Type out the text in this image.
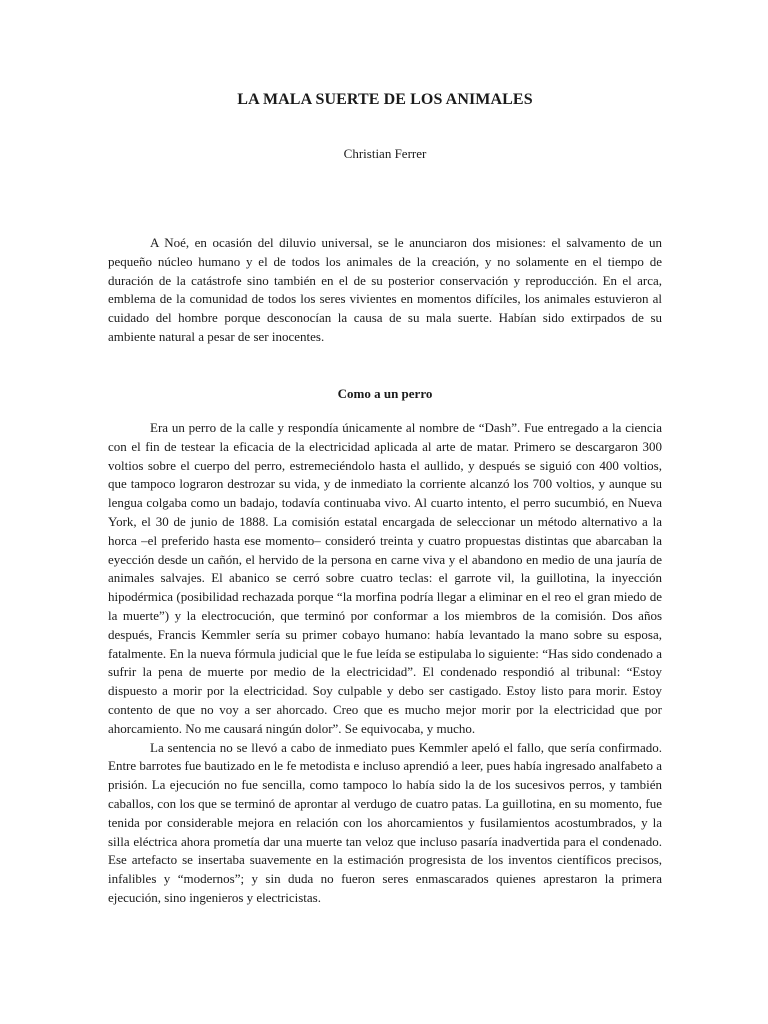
LA MALA SUERTE DE LOS ANIMALES
Christian Ferrer

A Noé, en ocasión del diluvio universal, se le anunciaron dos misiones: el salvamento de un pequeño núcleo humano y el de todos los animales de la creación, y no solamente en el tiempo de duración de la catástrofe sino también en el de su posterior conservación y reproducción. En el arca, emblema de la comunidad de todos los seres vivientes en momentos difíciles, los animales estuvieron al cuidado del hombre porque desconocían la causa de su mala suerte. Habían sido extirpados de su ambiente natural a pesar de ser inocentes.

Como a un perro

Era un perro de la calle y respondía únicamente al nombre de “Dash”. Fue entregado a la ciencia con el fin de testear la eficacia de la electricidad aplicada al arte de matar. Primero se descargaron 300 voltios sobre el cuerpo del perro, estremeciéndolo hasta el aullido, y después se siguió con 400 voltios, que tampoco lograron destrozar su vida, y de inmediato la corriente alcanzó los 700 voltios, y aunque su lengua colgaba como un badajo, todavía continuaba vivo. Al cuarto intento, el perro sucumbió, en Nueva York, el 30 de junio de 1888. La comisión estatal encargada de seleccionar un método alternativo a la horca –el preferido hasta ese momento– consideró treinta y cuatro propuestas distintas que abarcaban la eyección desde un cañón, el hervido de la persona en carne viva y el abandono en medio de una jauría de animales salvajes. El abanico se cerró sobre cuatro teclas: el garrote vil, la guillotina, la inyección hipodérmica (posibilidad rechazada porque “la morfina podría llegar a eliminar en el reo el gran miedo de la muerte”) y la electrocución, que terminó por conformar a los miembros de la comisión. Dos años después, Francis Kemmler sería su primer cobayo humano: había levantado la mano sobre su esposa, fatalmente. En la nueva fórmula judicial que le fue leída se estipulaba lo siguiente: “Has sido condenado a sufrir la pena de muerte por medio de la electricidad”. El condenado respondió al tribunal: “Estoy dispuesto a morir por la electricidad. Soy culpable y debo ser castigado. Estoy listo para morir. Estoy contento de que no voy a ser ahorcado. Creo que es mucho mejor morir por la electricidad que por ahorcamiento. No me causará ningún dolor”. Se equivocaba, y mucho.

La sentencia no se llevó a cabo de inmediato pues Kemmler apeló el fallo, que sería confirmado. Entre barrotes fue bautizado en le fe metodista e incluso aprendió a leer, pues había ingresado analfabeto a prisión. La ejecución no fue sencilla, como tampoco lo había sido la de los sucesivos perros, y también caballos, con los que se terminó de aprontar al verdugo de cuatro patas. La guillotina, en su momento, fue tenida por considerable mejora en relación con los ahorcamientos y fusilamientos acostumbrados, y la silla eléctrica ahora prometía dar una muerte tan veloz que incluso pasaría inadvertida para el condenado. Ese artefacto se insertaba suavemente en la estimación progresista de los inventos científicos precisos, infalibles y “modernos”; y sin duda no fueron seres enmascarados quienes aprestaron la primera ejecución, sino ingenieros y electricistas.
